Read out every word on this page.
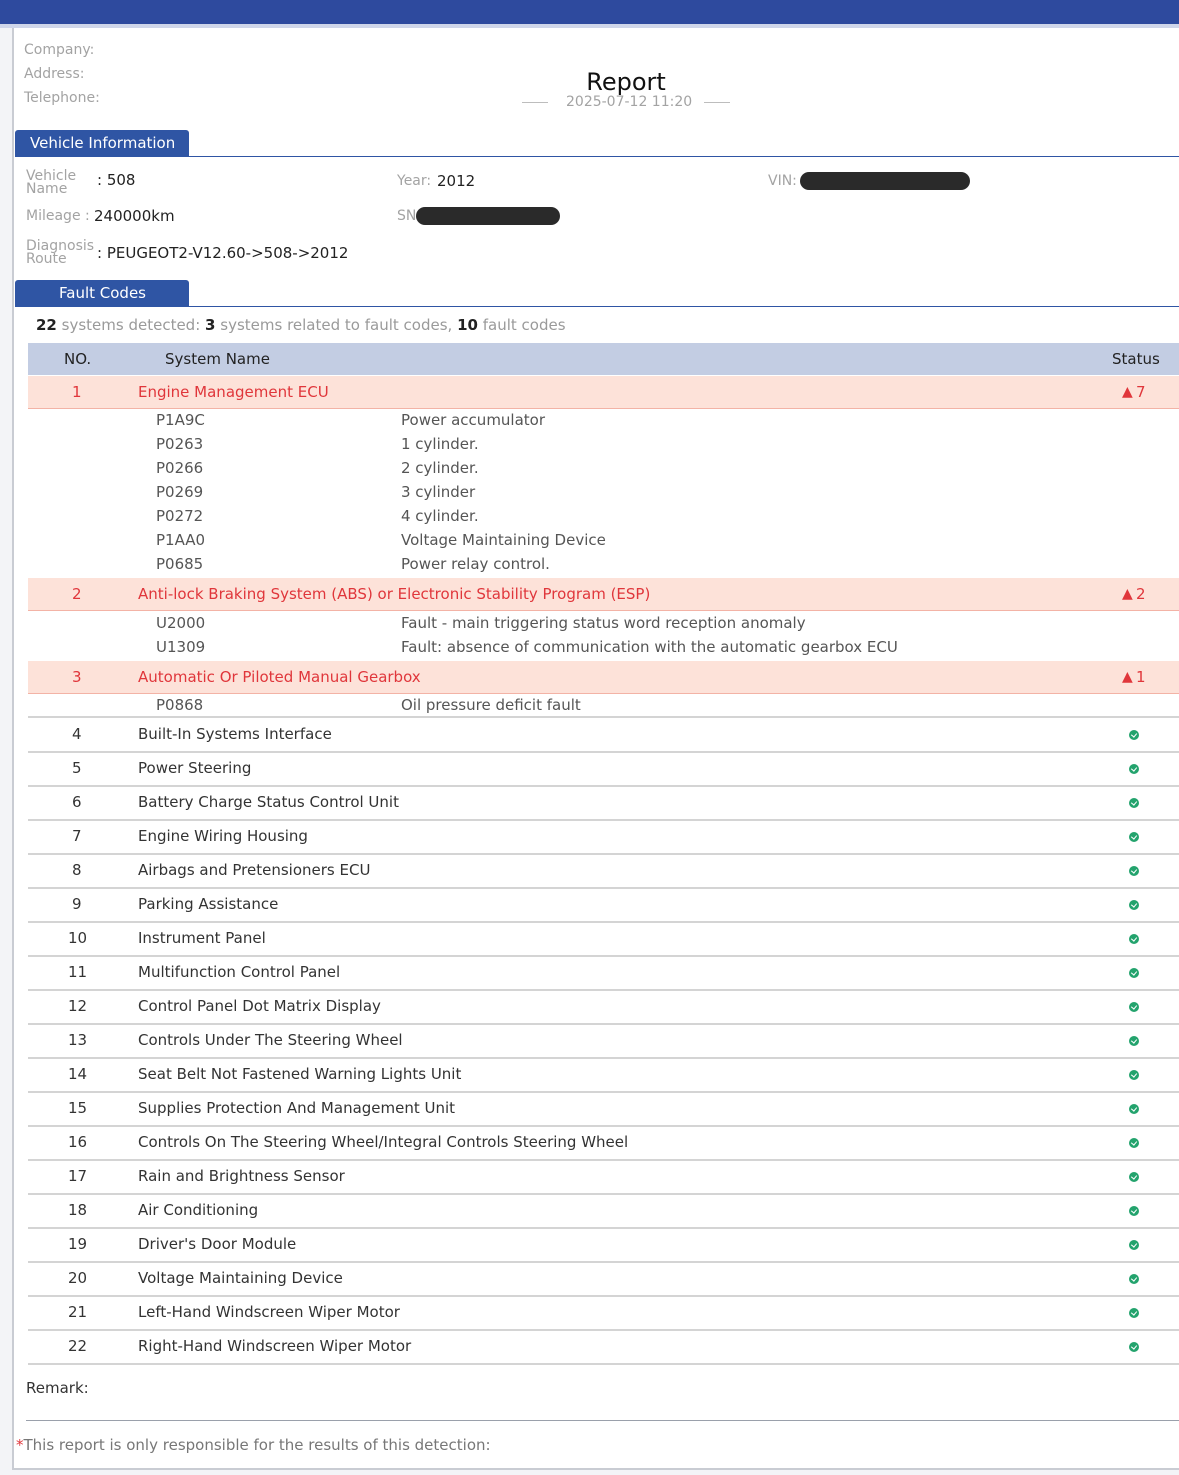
Company:
Address:
Telephone:
Report
2025-07-12 11:20
Vehicle Information
Vehicle Name	: 508	Year: 2012	VIN:
Mileage : 240000km	SN
Diagnosis Route	: PEUGEOT2-V12.60->508->2012
Fault Codes
22 systems detected: 3 systems related to fault codes, 10 fault codes
NO.	System Name	Status
1	Engine Management ECU	▲ 7
P1A9C	Power accumulator
P0263	1 cylinder.
P0266	2 cylinder.
P0269	3 cylinder
P0272	4 cylinder.
P1AA0	Voltage Maintaining Device
P0685	Power relay control.
2	Anti-lock Braking System (ABS) or Electronic Stability Program (ESP)	▲ 2
U2000	Fault - main triggering status word reception anomaly
U1309	Fault: absence of communication with the automatic gearbox ECU
3	Automatic Or Piloted Manual Gearbox	▲ 1
P0868	Oil pressure deficit fault
4	Built-In Systems Interface
5	Power Steering
6	Battery Charge Status Control Unit
7	Engine Wiring Housing
8	Airbags and Pretensioners ECU
9	Parking Assistance
10	Instrument Panel
11	Multifunction Control Panel
12	Control Panel Dot Matrix Display
13	Controls Under The Steering Wheel
14	Seat Belt Not Fastened Warning Lights Unit
15	Supplies Protection And Management Unit
16	Controls On The Steering Wheel/Integral Controls Steering Wheel
17	Rain and Brightness Sensor
18	Air Conditioning
19	Driver's Door Module
20	Voltage Maintaining Device
21	Left-Hand Windscreen Wiper Motor
22	Right-Hand Windscreen Wiper Motor
Remark:
*This report is only responsible for the results of this detection:
